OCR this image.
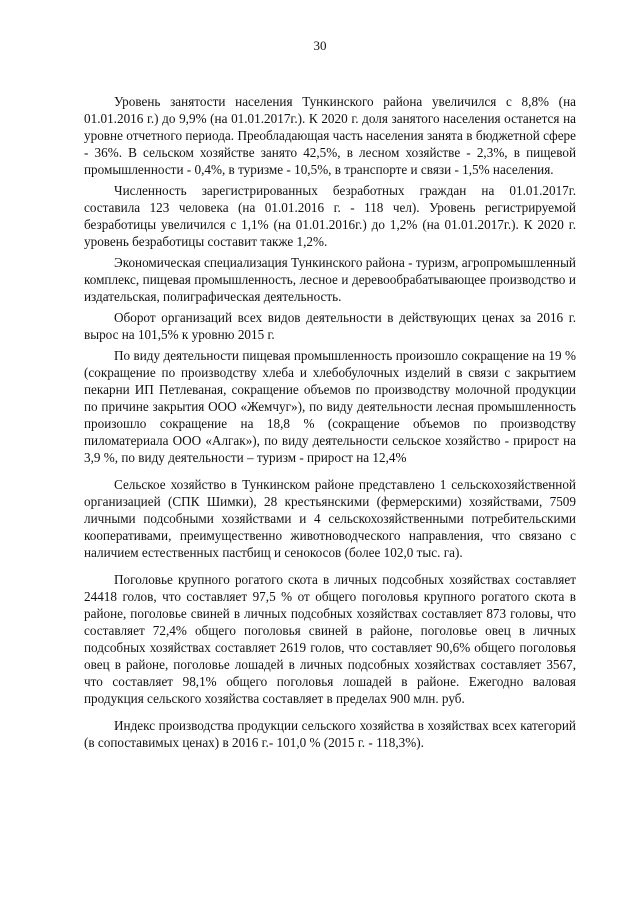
30

Уровень занятости населения Тункинского района увеличился с 8,8% (на 01.01.2016 г.) до 9,9% (на 01.01.2017г.). К 2020 г. доля занятого населения останется на уровне отчетного периода. Преобладающая часть населения занята в бюджетной сфере - 36%. В сельском хозяйстве занято 42,5%, в лесном хозяйстве - 2,3%, в пищевой промышленности - 0,4%, в туризме - 10,5%, в транспорте и связи - 1,5% населения.

Численность зарегистрированных безработных граждан на 01.01.2017г. составила 123 человека (на 01.01.2016 г. - 118 чел). Уровень регистрируемой безработицы увеличился с 1,1% (на 01.01.2016г.) до 1,2% (на 01.01.2017г.). К 2020 г. уровень безработицы составит также 1,2%.

Экономическая специализация Тункинского района - туризм, агропромышленный комплекс, пищевая промышленность, лесное и деревообрабатывающее производство и издательская, полиграфическая деятельность.

Оборот организаций всех видов деятельности в действующих ценах за 2016 г. вырос на 101,5% к уровню 2015 г.

По виду деятельности пищевая промышленность произошло сокращение на 19 % (сокращение по производству хлеба и хлебобулочных изделий в связи с закрытием пекарни ИП Петлеваная, сокращение объемов по производству молочной продукции по причине закрытия ООО «Жемчуг»), по виду деятельности лесная промышленность произошло сокращение на 18,8 % (сокращение объемов по производству пиломатериала ООО «Алгак»), по виду деятельности сельское хозяйство - прирост на 3,9 %, по виду деятельности – туризм - прирост на 12,4%

Сельское хозяйство в Тункинском районе представлено 1 сельскохозяйственной организацией (СПК Шимки), 28 крестьянскими (фермерскими) хозяйствами, 7509 личными подсобными хозяйствами и 4 сельскохозяйственными потребительскими кооперативами, преимущественно животноводческого направления, что связано с наличием естественных пастбищ и сенокосов (более 102,0 тыс. га).

Поголовье крупного рогатого скота в личных подсобных хозяйствах составляет 24418 голов, что составляет 97,5 % от общего поголовья крупного рогатого скота в районе, поголовье свиней в личных подсобных хозяйствах составляет 873 головы, что составляет 72,4% общего поголовья свиней в районе, поголовье овец в личных подсобных хозяйствах составляет 2619 голов, что составляет 90,6% общего поголовья овец в районе, поголовье лошадей в личных подсобных хозяйствах составляет 3567, что составляет 98,1% общего поголовья лошадей в районе. Ежегодно валовая продукция сельского хозяйства составляет в пределах 900 млн. руб.

Индекс производства продукции сельского хозяйства в хозяйствах всех категорий (в сопоставимых ценах) в 2016 г.- 101,0 % (2015 г. - 118,3%).
